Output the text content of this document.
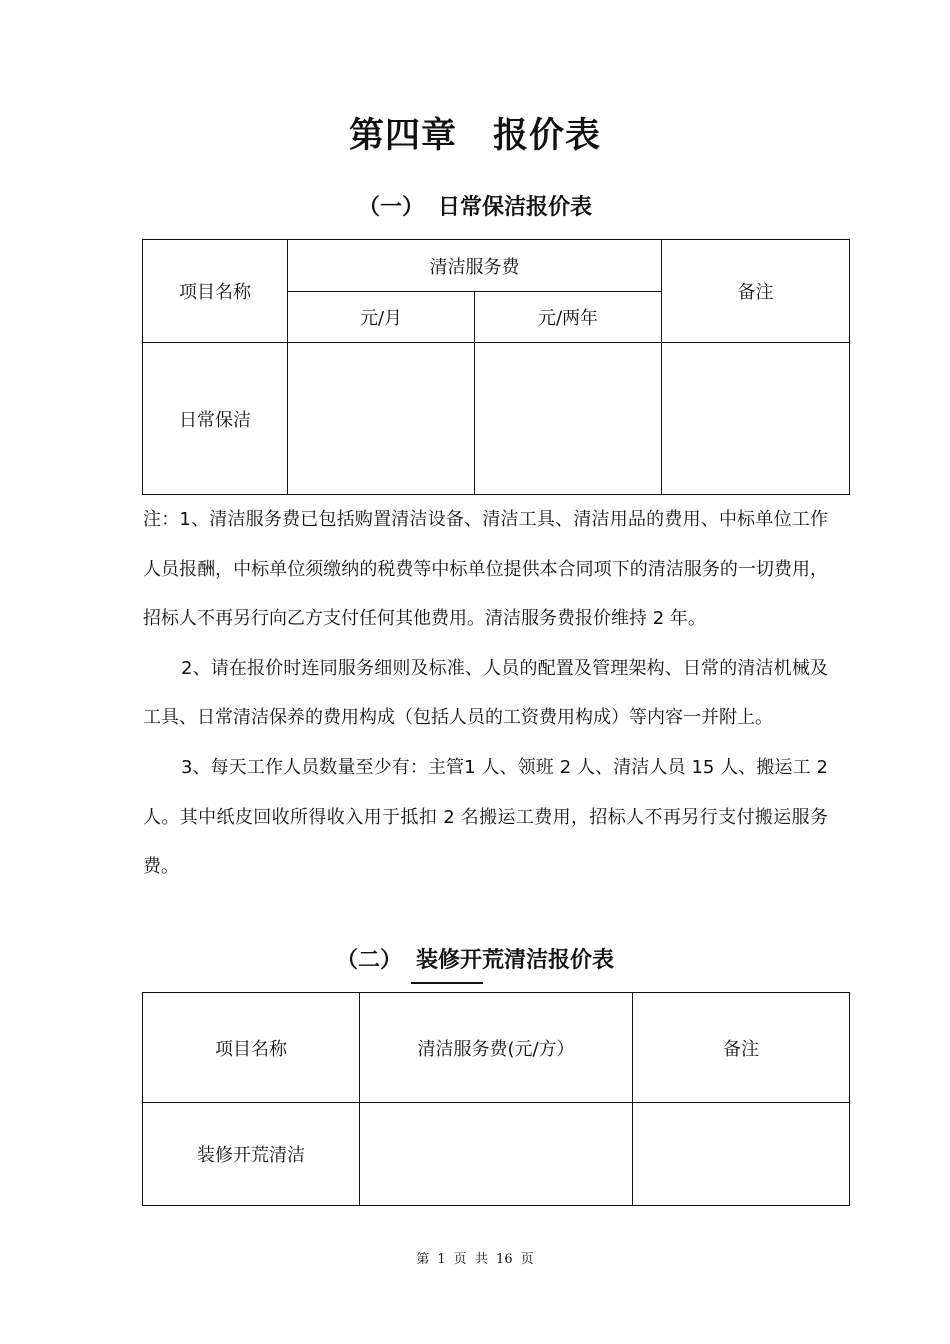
第四章　报价表
（一） 日常保洁报价表
项目名称	清洁服务费		备注
	元/月	元/两年	
日常保洁			

注：1、清洁服务费已包括购置清洁设备、清洁工具、清洁用品的费用、中标单位工作人员报酬，中标单位须缴纳的税费等中标单位提供本合同项下的清洁服务的一切费用，招标人不再另行向乙方支付任何其他费用。清洁服务费报价维持 2 年。

2、请在报价时连同服务细则及标准、人员的配置及管理架构、日常的清洁机械及工具、日常清洁保养的费用构成（包括人员的工资费用构成）等内容一并附上。

3、每天工作人员数量至少有：主管1 人、领班 2 人、清洁人员 15 人、搬运工 2 人。其中纸皮回收所得收入用于抵扣 2 名搬运工费用，招标人不再另行支付搬运服务费。

（二） 装修开荒清洁报价表
项目名称	清洁服务费(元/方）	备注
装修开荒清洁		
第 1 页 共 16 页
